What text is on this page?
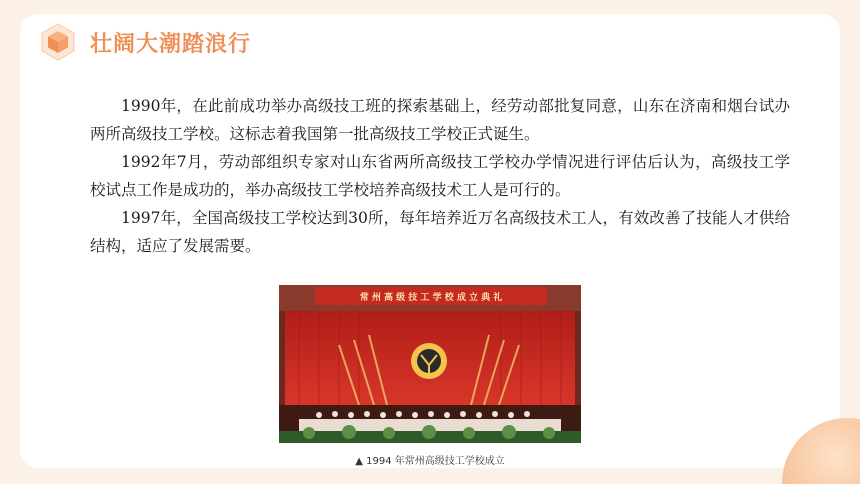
壮阔大潮踏浪行

1990年，在此前成功举办高级技工班的探索基础上，经劳动部批复同意，山东在济南和烟台试办两所高级技工学校。这标志着我国第一批高级技工学校正式诞生。

1992年7月，劳动部组织专家对山东省两所高级技工学校办学情况进行评估后认为，高级技工学校试点工作是成功的，举办高级技工学校培养高级技术工人是可行的。

1997年，全国高级技工学校达到30所，每年培养近万名高级技术工人，有效改善了技能人才供给结构，适应了发展需要。

常 州 高 级 技 工 学 校 成 立 典 礼
▲ 1994 年常州高级技工学校成立
